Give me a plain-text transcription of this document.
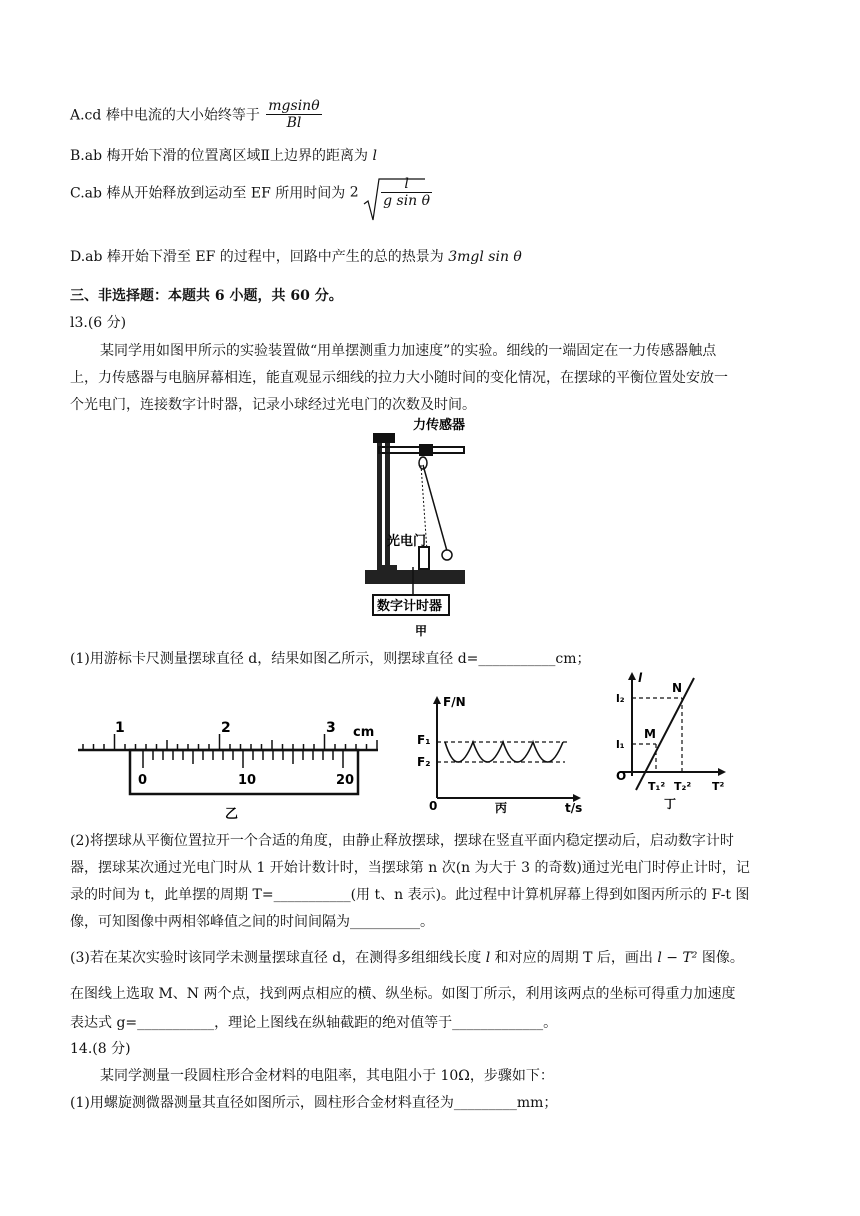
A.cd 棒中电流的大小始终等于 $\frac{mgsin\theta}{Bl}$
B.ab 梅开始下滑的位置离区域Ⅱ上边界的距离为 l
C.ab 棒从开始释放到运动至 EF 所用时间为 $2 \frac{l}{\text{g sin θ}}$
D.ab 棒开始下滑至 EF 的过程中，回路中产生的总的热景为 3mgl sin θ
三、非选择题：本题共 6 小题，共 60 分。
l3.(6 分)
某同学用如图甲所示的实验装置做“用单摆测重力加速度”的实验。细线的一端固定在一力传感器触点
上，力传感器与电脑屏幕相连，能直观显示细线的拉力大小随时间的变化情况，在摆球的平衡位置处安放一
个光电门，连接数字计时器，记录小球经过光电门的次数及时间。
力传感器
光电门
数字计时器
甲
(1)用游标卡尺测量摆球直径 d，结果如图乙所示，则摆球直径 d=___________cm；
1	2	3 cm
0	10	20
乙
F/N
F₁
F₂
0	t/s
丙
l
l₂
l₁
N
M
O
T₁² T₂² T²
丁
(2)将摆球从平衡位置拉开一个合适的角度，由静止释放摆球，摆球在竖直平面内稳定摆动后，启动数字计时
器，摆球某次通过光电门时从 1 开始计数计时，当摆球第 n 次(n 为大于 3 的奇数)通过光电门时停止计时，记
录的时间为 t，此单摆的周期 T=___________(用 t、n 表示)。此过程中计算机屏幕上得到如图丙所示的 F-t 图
像，可知图像中两相邻峰值之间的时间间隔为__________。
(3)若在某次实验时该同学未测量摆球直径 d，在测得多组细线长度 l 和对应的周期 T 后，画出 l − T² 图像。
在图线上选取 M、N 两个点，找到两点相应的横、纵坐标。如图丁所示，利用该两点的坐标可得重力加速度
表达式 g=___________，理论上图线在纵轴截距的绝对值等于_____________。
14.(8 分)
某同学测量一段圆柱形合金材料的电阻率，其电阻小于 10Ω，步骤如下：
(1)用螺旋测微器测量其直径如图所示，圆柱形合金材料直径为_________mm；
